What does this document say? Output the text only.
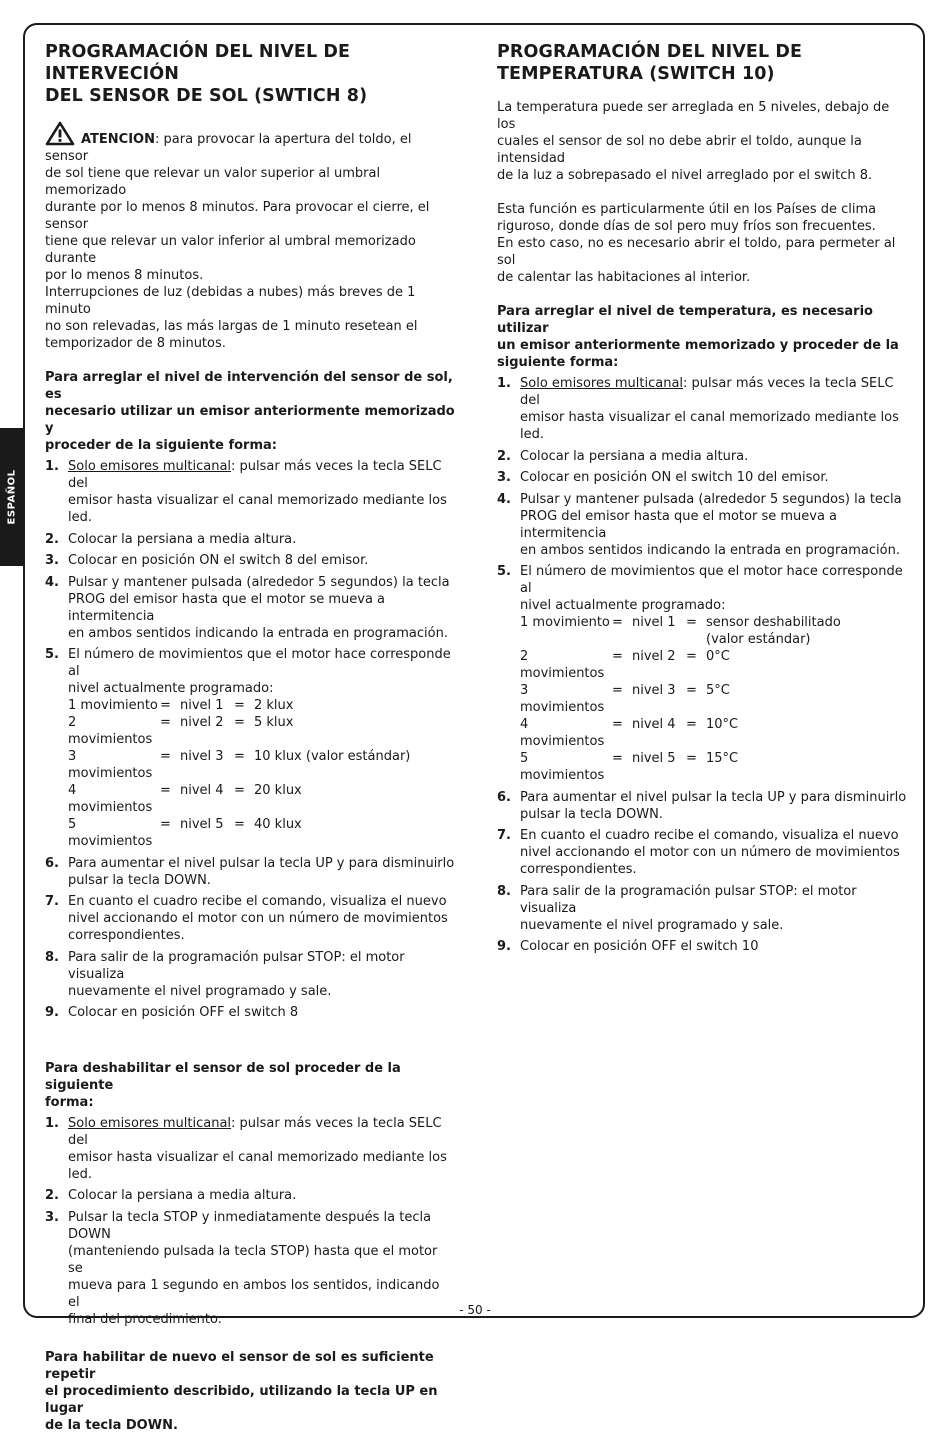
ESPAÑOL
PROGRAMACIÓN DEL NIVEL DE INTERVECIÓN
DEL SENSOR DE SOL (SWTICH 8)

ATENCION: para provocar la apertura del toldo, el sensor
de sol tiene que relevar un valor superior al umbral memorizado
durante por lo menos 8 minutos. Para provocar el cierre, el sensor
tiene que relevar un valor inferior al umbral memorizado durante
por lo menos 8 minutos.
Interrupciones de luz (debidas a nubes) más breves de 1 minuto
no son relevadas, las más largas de 1 minuto resetean el
temporizador de 8 minutos.

Para arreglar el nivel de intervención del sensor de sol, es
necesario utilizar un emisor anteriormente memorizado y
proceder de la siguiente forma:

1. Solo emisores multicanal: pulsar más veces la tecla SELC del
emisor hasta visualizar el canal memorizado mediante los led.
2. Colocar la persiana a media altura.
3. Colocar en posición ON el switch 8 del emisor.
4. Pulsar y mantener pulsada (alrededor 5 segundos) la tecla
PROG del emisor hasta que el motor se mueva a intermitencia
en ambos sentidos indicando la entrada en programación.
5. El número de movimientos que el motor hace corresponde al
nivel actualmente programado:
1 movimiento	=	nivel 1	=	2 klux
2 movimientos	=	nivel 2	=	5 klux
3 movimientos	=	nivel 3	=	10 klux (valor estándar)
4 movimientos	=	nivel 4	=	20 klux
5 movimientos	=	nivel 5	=	40 klux
6. Para aumentar el nivel pulsar la tecla UP y para disminuirlo
pulsar la tecla DOWN.
7. En cuanto el cuadro recibe el comando, visualiza el nuevo
nivel accionando el motor con un número de movimientos
correspondientes.
8. Para salir de la programación pulsar STOP: el motor visualiza
nuevamente el nivel programado y sale.
9. Colocar en posición OFF el switch 8

Para deshabilitar el sensor de sol proceder de la siguiente
forma:

1. Solo emisores multicanal: pulsar más veces la tecla SELC del
emisor hasta visualizar el canal memorizado mediante los led.
2. Colocar la persiana a media altura.
3. Pulsar la tecla STOP y inmediatamente después la tecla DOWN
(manteniendo pulsada la tecla STOP) hasta que el motor se
mueva para 1 segundo en ambos los sentidos, indicando el
final del procedimiento.

Para habilitar de nuevo el sensor de sol es suficiente repetir
el procedimiento describido, utilizando la tecla UP en lugar
de la tecla DOWN.

PROGRAMACIÓN DEL NIVEL DE
TEMPERATURA (SWITCH 10)

La temperatura puede ser arreglada en 5 niveles, debajo de los
cuales el sensor de sol no debe abrir el toldo, aunque la intensidad
de la luz a sobrepasado el nivel arreglado por el switch 8.

Esta función es particularmente útil en los Países de clima
riguroso, donde días de sol pero muy fríos son frecuentes.
En esto caso, no es necesario abrir el toldo, para permeter al sol
de calentar las habitaciones al interior.

Para arreglar el nivel de temperatura, es necesario utilizar
un emisor anteriormente memorizado y proceder de la
siguiente forma:

1. Solo emisores multicanal: pulsar más veces la tecla SELC del
emisor hasta visualizar el canal memorizado mediante los led.
2. Colocar la persiana a media altura.
3. Colocar en posición ON el switch 10 del emisor.
4. Pulsar y mantener pulsada (alrededor 5 segundos) la tecla
PROG del emisor hasta que el motor se mueva a intermitencia
en ambos sentidos indicando la entrada en programación.
5. El número de movimientos que el motor hace corresponde al
nivel actualmente programado:
1 movimiento	=	nivel 1	=	sensor deshabilitado
(valor estándar)

2 movimientos	=	nivel 2	=	0°C
3 movimientos	=	nivel 3	=	5°C
4 movimientos	=	nivel 4	=	10°C
5 movimientos	=	nivel 5	=	15°C
6. Para aumentar el nivel pulsar la tecla UP y para disminuirlo
pulsar la tecla DOWN.
7. En cuanto el cuadro recibe el comando, visualiza el nuevo
nivel accionando el motor con un número de movimientos
correspondientes.
8. Para salir de la programación pulsar STOP: el motor visualiza
nuevamente el nivel programado y sale.
9. Colocar en posición OFF el switch 10
- 50 -
